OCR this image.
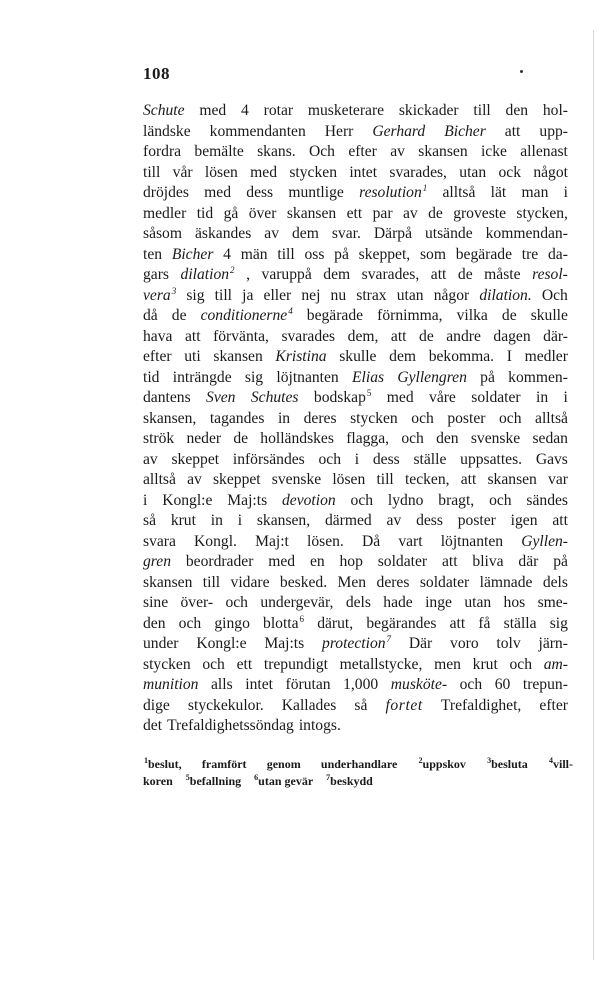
108
Schute med 4 rotar musketerare skickader till den hol-
ländske kommendanten Herr Gerhard Bicher att upp-
fordra bemälte skans. Och efter av skansen icke allenast
till vår lösen med stycken intet svarades, utan ock något
dröjdes med dess muntlige resolution$^1$ alltså lät man i
medler tid gå över skansen ett par av de groveste stycken,
såsom äskandes av dem svar. Därpå utsände kommendan-
ten Bicher 4 män till oss på skeppet, som begärade tre da-
gars dilation$^2$ , varuppå dem svarades, att de måste resol-
vera$^3$ sig till ja eller nej nu strax utan någor dilation. Och
då de conditionerne$^4$ begärade förnimma, vilka de skulle
hava att förvänta, svarades dem, att de andre dagen där-
efter uti skansen Kristina skulle dem bekomma. I medler
tid inträngde sig löjtnanten Elias Gyllengren på kommen-
dantens Sven Schutes bodskap$^5$ med våre soldater in i
skansen, tagandes in deres stycken och poster och alltså
strök neder de holländskes flagga, och den svenske sedan
av skeppet införsändes och i dess ställe uppsattes. Gavs
alltså av skeppet svenske lösen till tecken, att skansen var
i Kongl:e Maj:ts devotion och lydno bragt, och sändes
så krut in i skansen, därmed av dess poster igen att
svara Kongl. Maj:t lösen. Då vart löjtnanten Gyllen-
gren beordrader med en hop soldater att bliva där på
skansen till vidare besked. Men deres soldater lämnade dels
sine över- och undergevär, dels hade inge utan hos sme-
den och gingo blotta$^6$ därut, begärandes att få ställa sig
under Kongl:e Maj:ts protection$^7$ Där voro tolv järn-
stycken och ett trepundigt metallstycke, men krut och am-
munition alls intet förutan 1,000 musköte- och 60 trepun-
dige styckekulor. Kallades så fortet Trefaldighet, efter
det Trefaldighetssöndag intogs.
$^1$beslut, framfört genom underhandlare	$^2$uppskov	$^3$besluta	$^4$vill-
koren $^5$befallning $^6$utan gevär $^7$beskydd
